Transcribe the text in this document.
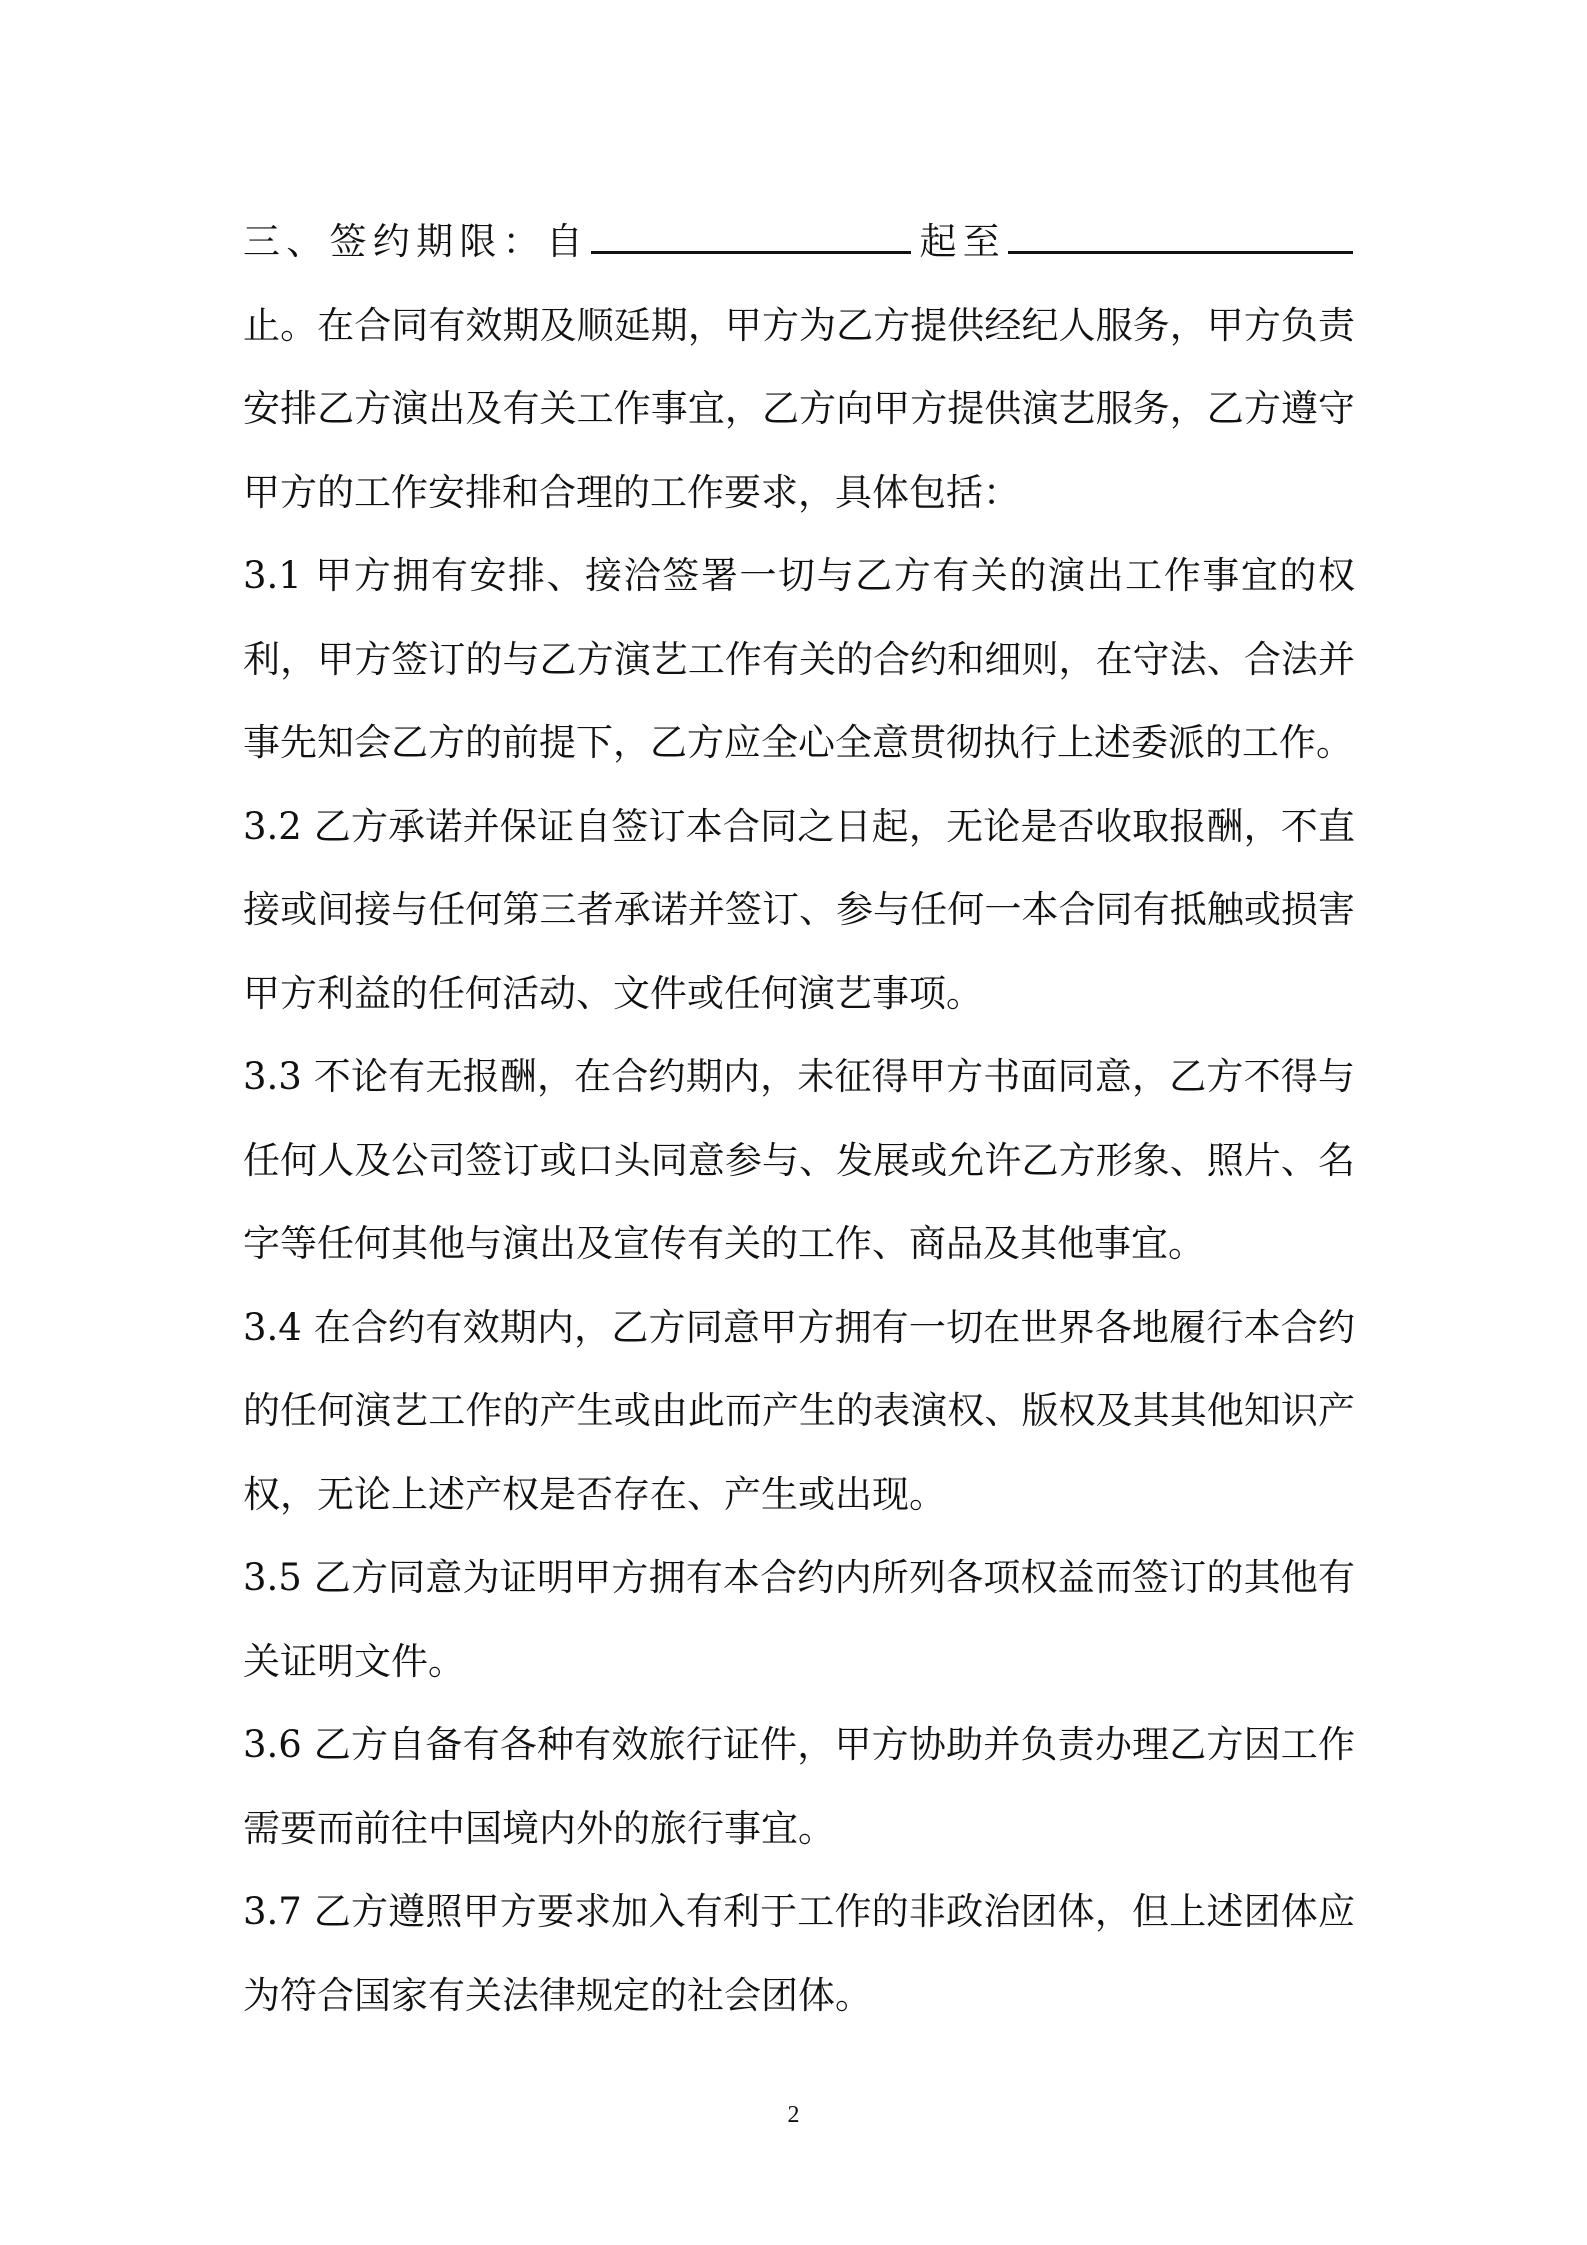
三、签约期限：自	起至止。在合同有效期及顺延期，甲方为乙方提供经纪人服务，甲方负责安排乙方演出及有关工作事宜，乙方向甲方提供演艺服务，乙方遵守甲方的工作安排和合理的工作要求，具体包括：

3.1 甲方拥有安排、接洽签署一切与乙方有关的演出工作事宜的权利，甲方签订的与乙方演艺工作有关的合约和细则，在守法、合法并事先知会乙方的前提下，乙方应全心全意贯彻执行上述委派的工作。

3.2 乙方承诺并保证自签订本合同之日起，无论是否收取报酬，不直接或间接与任何第三者承诺并签订、参与任何一本合同有抵触或损害甲方利益的任何活动、文件或任何演艺事项。

3.3 不论有无报酬，在合约期内，未征得甲方书面同意，乙方不得与任何人及公司签订或口头同意参与、发展或允许乙方形象、照片、名字等任何其他与演出及宣传有关的工作、商品及其他事宜。

3.4 在合约有效期内，乙方同意甲方拥有一切在世界各地履行本合约的任何演艺工作的产生或由此而产生的表演权、版权及其其他知识产权，无论上述产权是否存在、产生或出现。

3.5 乙方同意为证明甲方拥有本合约内所列各项权益而签订的其他有关证明文件。

3.6 乙方自备有各种有效旅行证件，甲方协助并负责办理乙方因工作需要而前往中国境内外的旅行事宜。

3.7 乙方遵照甲方要求加入有利于工作的非政治团体，但上述团体应为符合国家有关法律规定的社会团体。

2
